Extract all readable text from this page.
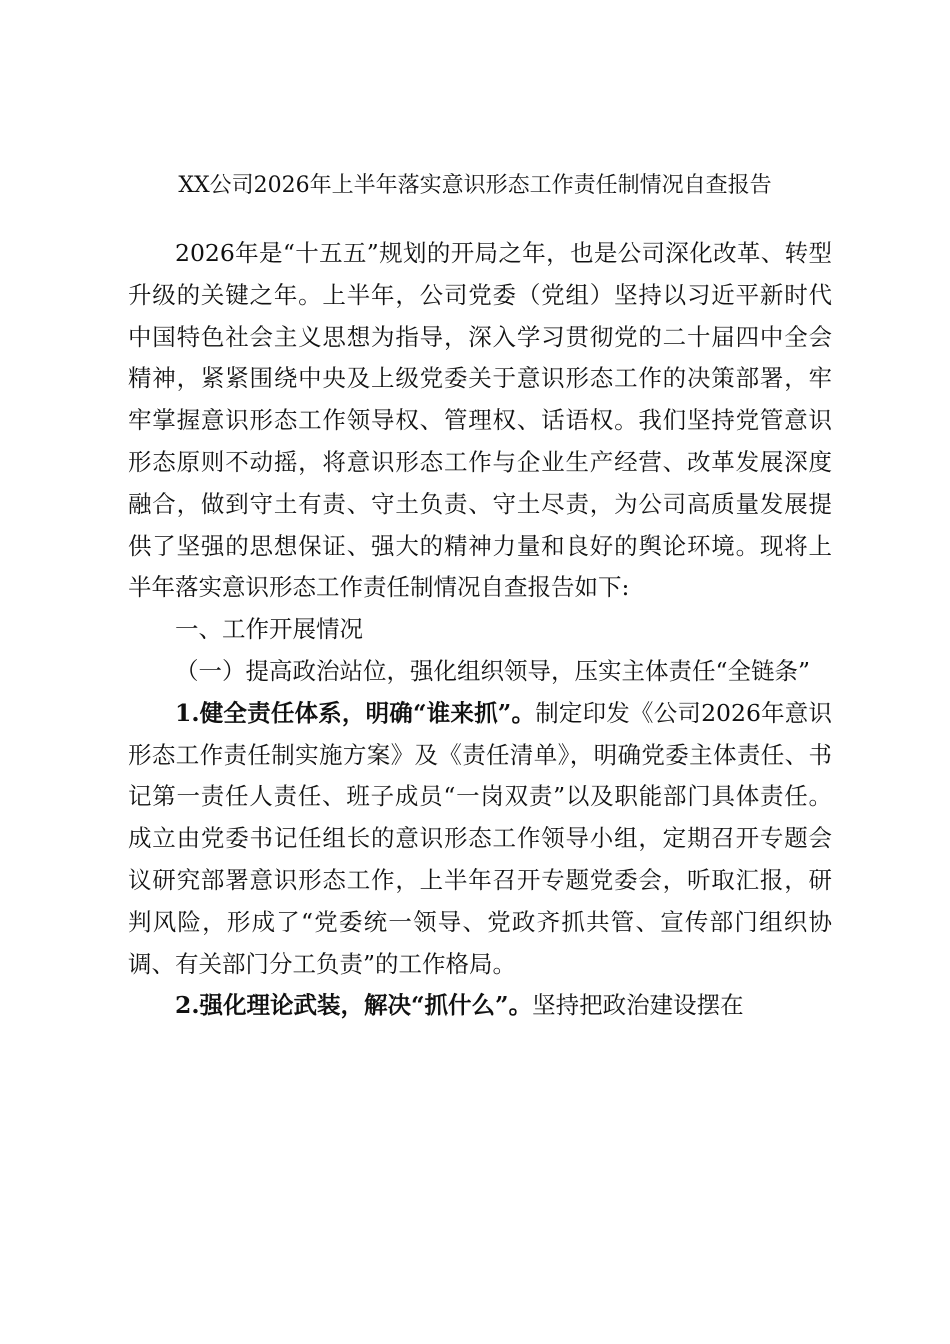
XX公司2026年上半年落实意识形态工作责任制情况自查报告

2026年是“十五五”规划的开局之年，也是公司深化改革、转型升级的关键之年。上半年，公司党委（党组）坚持以习近平新时代中国特色社会主义思想为指导，深入学习贯彻党的二十届四中全会精神，紧紧围绕中央及上级党委关于意识形态工作的决策部署，牢牢掌握意识形态工作领导权、管理权、话语权。我们坚持党管意识形态原则不动摇，将意识形态工作与企业生产经营、改革发展深度融合，做到守土有责、守土负责、守土尽责，为公司高质量发展提供了坚强的思想保证、强大的精神力量和良好的舆论环境。现将上半年落实意识形态工作责任制情况自查报告如下:

一、工作开展情况

（一）提高政治站位，强化组织领导，压实主体责任“全链条”

1.健全责任体系，明确“谁来抓”。制定印发《公司2026年意识形态工作责任制实施方案》及《责任清单》，明确党委主体责任、书记第一责任人责任、班子成员“一岗双责”以及职能部门具体责任。成立由党委书记任组长的意识形态工作领导小组，定期召开专题会议研究部署意识形态工作，上半年召开专题党委会，听取汇报，研判风险，形成了“党委统一领导、党政齐抓共管、宣传部门组织协调、有关部门分工负责”的工作格局。

2.强化理论武装，解决“抓什么”。坚持把政治建设摆在
